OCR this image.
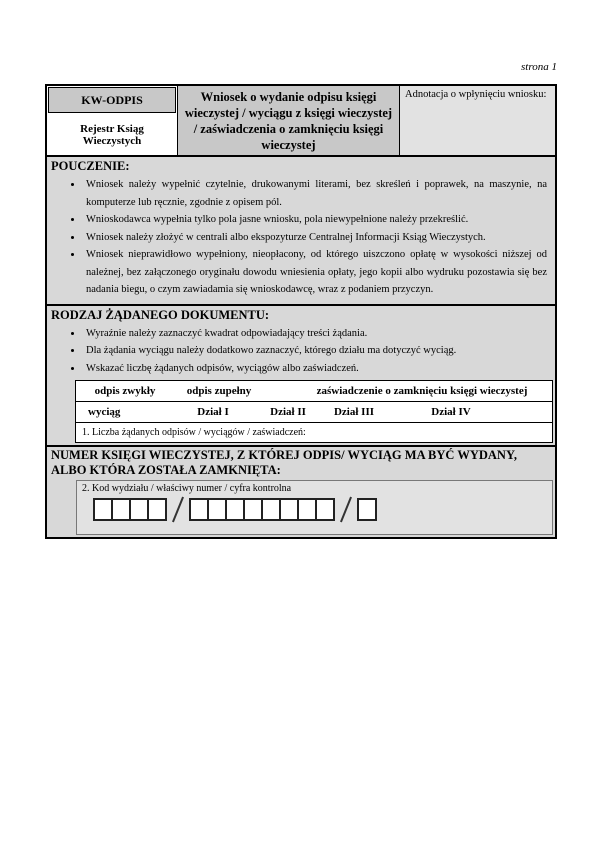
strona 1
KW-ODPIS
Rejestr Ksiąg Wieczystych
Wniosek o wydanie odpisu księgi wieczystej / wyciągu z księgi wieczystej / zaświadczenia o zamknięciu księgi wieczystej
Adnotacja o wpłynięciu wniosku:
POUCZENIE:
• Wniosek należy wypełnić czytelnie, drukowanymi literami, bez skreśleń i poprawek, na maszynie, na komputerze lub ręcznie, zgodnie z opisem pól.
• Wnioskodawca wypełnia tylko pola jasne wniosku, pola niewypełnione należy przekreślić.
• Wniosek należy złożyć w centrali albo ekspozyturze Centralnej Informacji Ksiąg Wieczystych.
• Wniosek nieprawidłowo wypełniony, nieopłacony, od którego uiszczono opłatę w wysokości niższej od należnej, bez załączonego oryginału dowodu wniesienia opłaty, jego kopii albo wydruku pozostawia się bez nadania biegu, o czym zawiadamia się wnioskodawcę, wraz z podaniem przyczyn.
RODZAJ ŻĄDANEGO DOKUMENTU:
• Wyraźnie należy zaznaczyć kwadrat odpowiadający treści żądania.
• Dla żądania wyciągu należy dodatkowo zaznaczyć, którego działu ma dotyczyć wyciąg.
• Wskazać liczbę żądanych odpisów, wyciągów albo zaświadczeń.
odpis zwykły	odpis zupełny	zaświadczenie o zamknięciu księgi wieczystej
wyciąg	Dział I	Dział II	Dział III	Dział IV
1. Liczba żądanych odpisów / wyciągów / zaświadczeń:
NUMER KSIĘGI WIECZYSTEJ, Z KTÓREJ ODPIS/ WYCIĄG MA BYĆ WYDANY, ALBO KTÓRA ZOSTAŁA ZAMKNIĘTA:
2. Kod wydziału / właściwy numer / cyfra kontrolna
